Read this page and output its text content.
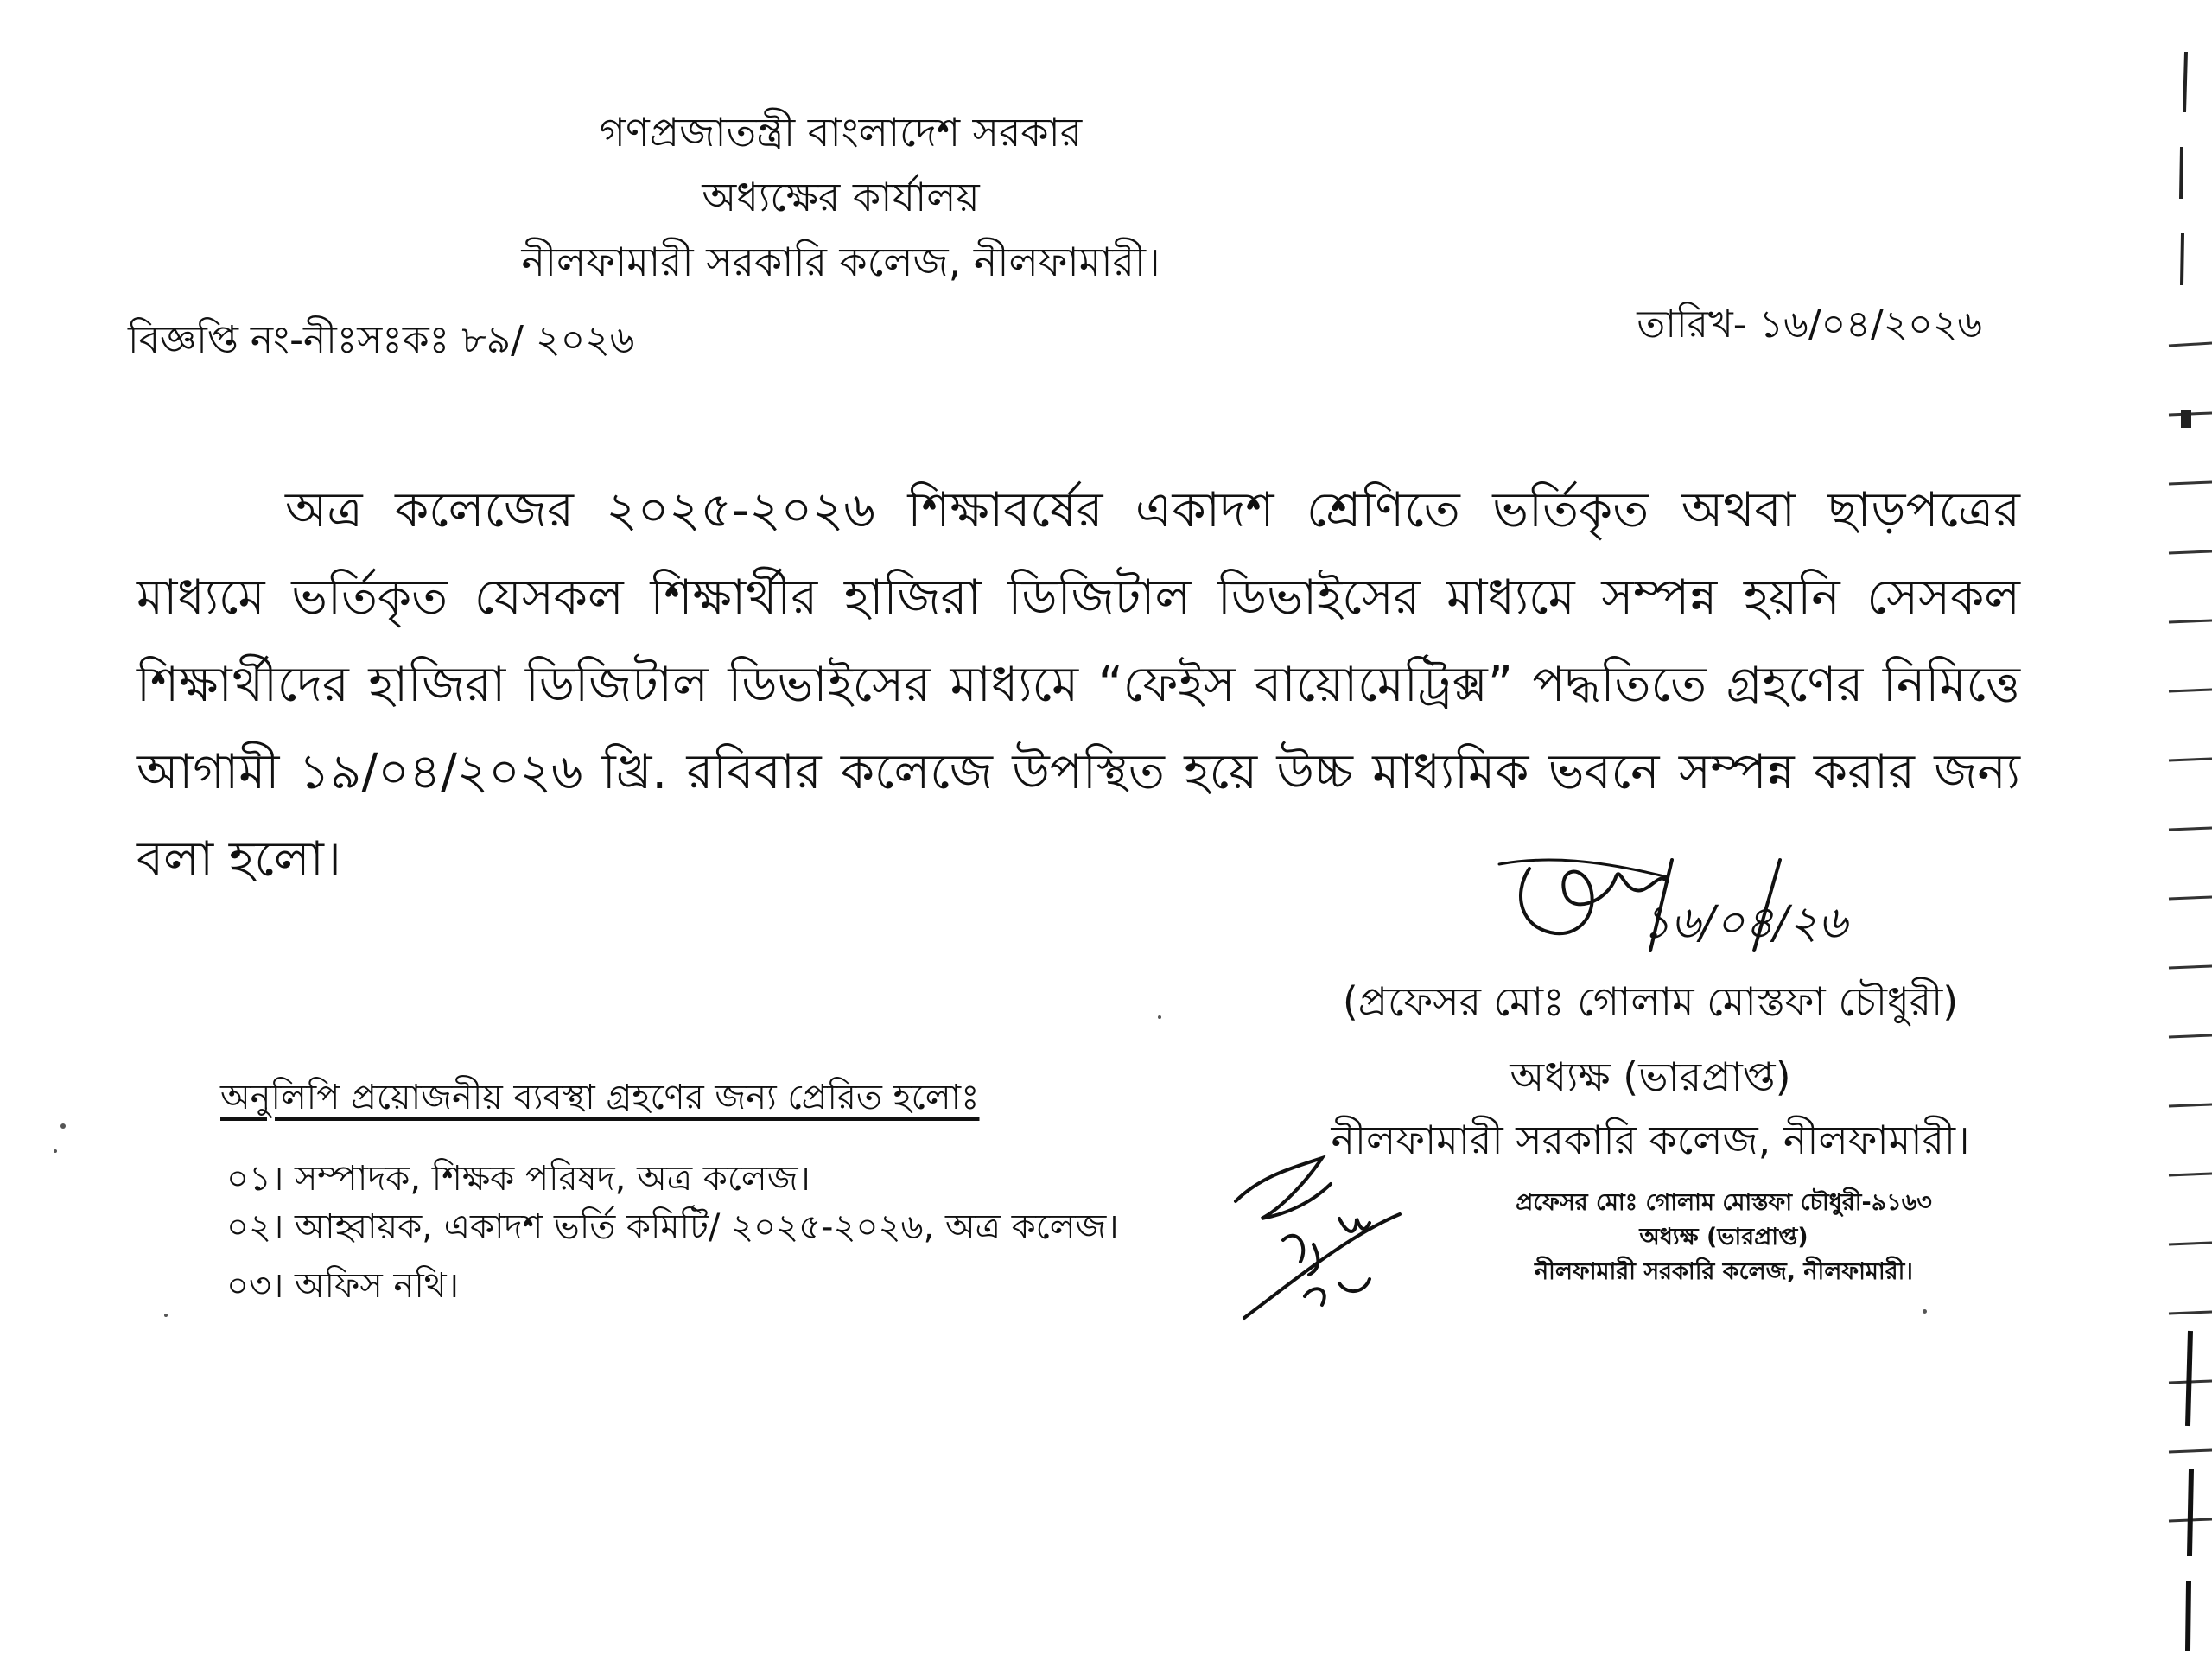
গণপ্রজাতন্ত্রী বাংলাদেশ সরকার
অধ্যক্ষের কার্যালয়
নীলফামারী সরকারি কলেজ, নীলফামারী।
বিজ্ঞপ্তি নং-নীঃসঃকঃ ৮৯/ ২০২৬	তারিখ- ১৬/০৪/২০২৬
অত্র কলেজের ২০২৫-২০২৬ শিক্ষাবর্ষের একাদশ শ্রেণিতে ভর্তিকৃত অথবা ছাড়পত্রের মাধ্যমে ভর্তিকৃত যেসকল শিক্ষার্থীর হাজিরা ডিজিটাল ডিভাইসের মাধ্যমে সম্পন্ন হয়নি সেসকল শিক্ষার্থীদের হাজিরা ডিজিটাল ডিভাইসের মাধ্যমে “ফেইস বায়োমেট্রিক্স” পদ্ধতিতে গ্রহণের নিমিত্তে আগামী ১৯/০৪/২০২৬ খ্রি. রবিবার কলেজে উপস্থিত হয়ে উচ্চ মাধ্যমিক ভবনে সম্পন্ন করার জন্য বলা হলো।
১৬/০৪/২৬
(প্রফেসর মোঃ গোলাম মোস্তফা চৌধুরী)
অধ্যক্ষ (ভারপ্রাপ্ত)
নীলফামারী সরকারি কলেজ, নীলফামারী।
অনুলিপি প্রয়োজনীয় ব্যবস্থা গ্রহণের জন্য প্রেরিত হলোঃ
০১। সম্পাদক, শিক্ষক পরিষদ, অত্র কলেজ।
০২। আহ্বায়ক, একাদশ ভর্তি কমিটি/ ২০২৫-২০২৬, অত্র কলেজ।
০৩। অফিস নথি।
প্রফেসর মোঃ গোলাম মোস্তফা চৌধুরী-৯১৬৩
অধ্যক্ষ (ভারপ্রাপ্ত)
নীলফামারী সরকারি কলেজ, নীলফামারী।
